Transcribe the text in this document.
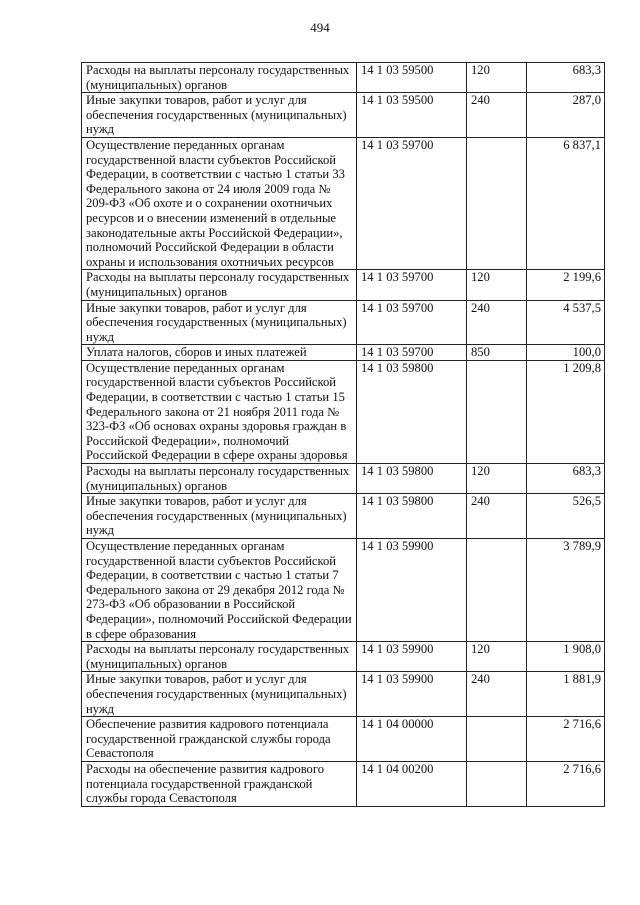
494
Расходы на выплаты персоналу государственных (муниципальных) органов	14 1 03 59500	120	683,3
Иные закупки товаров, работ и услуг для обеспечения государственных (муниципальных) нужд	14 1 03 59500	240	287,0
Осуществление переданных органам государственной власти субъектов Российской Федерации, в соответствии с частью 1 статьи 33 Федерального закона от 24 июля 2009 года № 209-ФЗ «Об охоте и о сохранении охотничьих ресурсов и о внесении изменений в отдельные законодательные акты Российской Федерации», полномочий Российской Федерации в области охраны и использования охотничьих ресурсов	14 1 03 59700		6 837,1
Расходы на выплаты персоналу государственных (муниципальных) органов	14 1 03 59700	120	2 199,6
Иные закупки товаров, работ и услуг для обеспечения государственных (муниципальных) нужд	14 1 03 59700	240	4 537,5
Уплата налогов, сборов и иных платежей	14 1 03 59700	850	100,0
Осуществление переданных органам государственной власти субъектов Российской Федерации, в соответствии с частью 1 статьи 15 Федерального закона от 21 ноября 2011 года № 323-ФЗ «Об основах охраны здоровья граждан в Российской Федерации», полномочий Российской Федерации в сфере охраны здоровья	14 1 03 59800		1 209,8
Расходы на выплаты персоналу государственных (муниципальных) органов	14 1 03 59800	120	683,3
Иные закупки товаров, работ и услуг для обеспечения государственных (муниципальных) нужд	14 1 03 59800	240	526,5
Осуществление переданных органам государственной власти субъектов Российской Федерации, в соответствии с частью 1 статьи 7 Федерального закона от 29 декабря 2012 года № 273-ФЗ «Об образовании в Российской Федерации», полномочий Российской Федерации в сфере образования	14 1 03 59900		3 789,9
Расходы на выплаты персоналу государственных (муниципальных) органов	14 1 03 59900	120	1 908,0
Иные закупки товаров, работ и услуг для обеспечения государственных (муниципальных) нужд	14 1 03 59900	240	1 881,9
Обеспечение развития кадрового потенциала государственной гражданской службы города Севастополя	14 1 04 00000		2 716,6
Расходы на обеспечение развития кадрового потенциала государственной гражданской службы города Севастополя	14 1 04 00200		2 716,6
